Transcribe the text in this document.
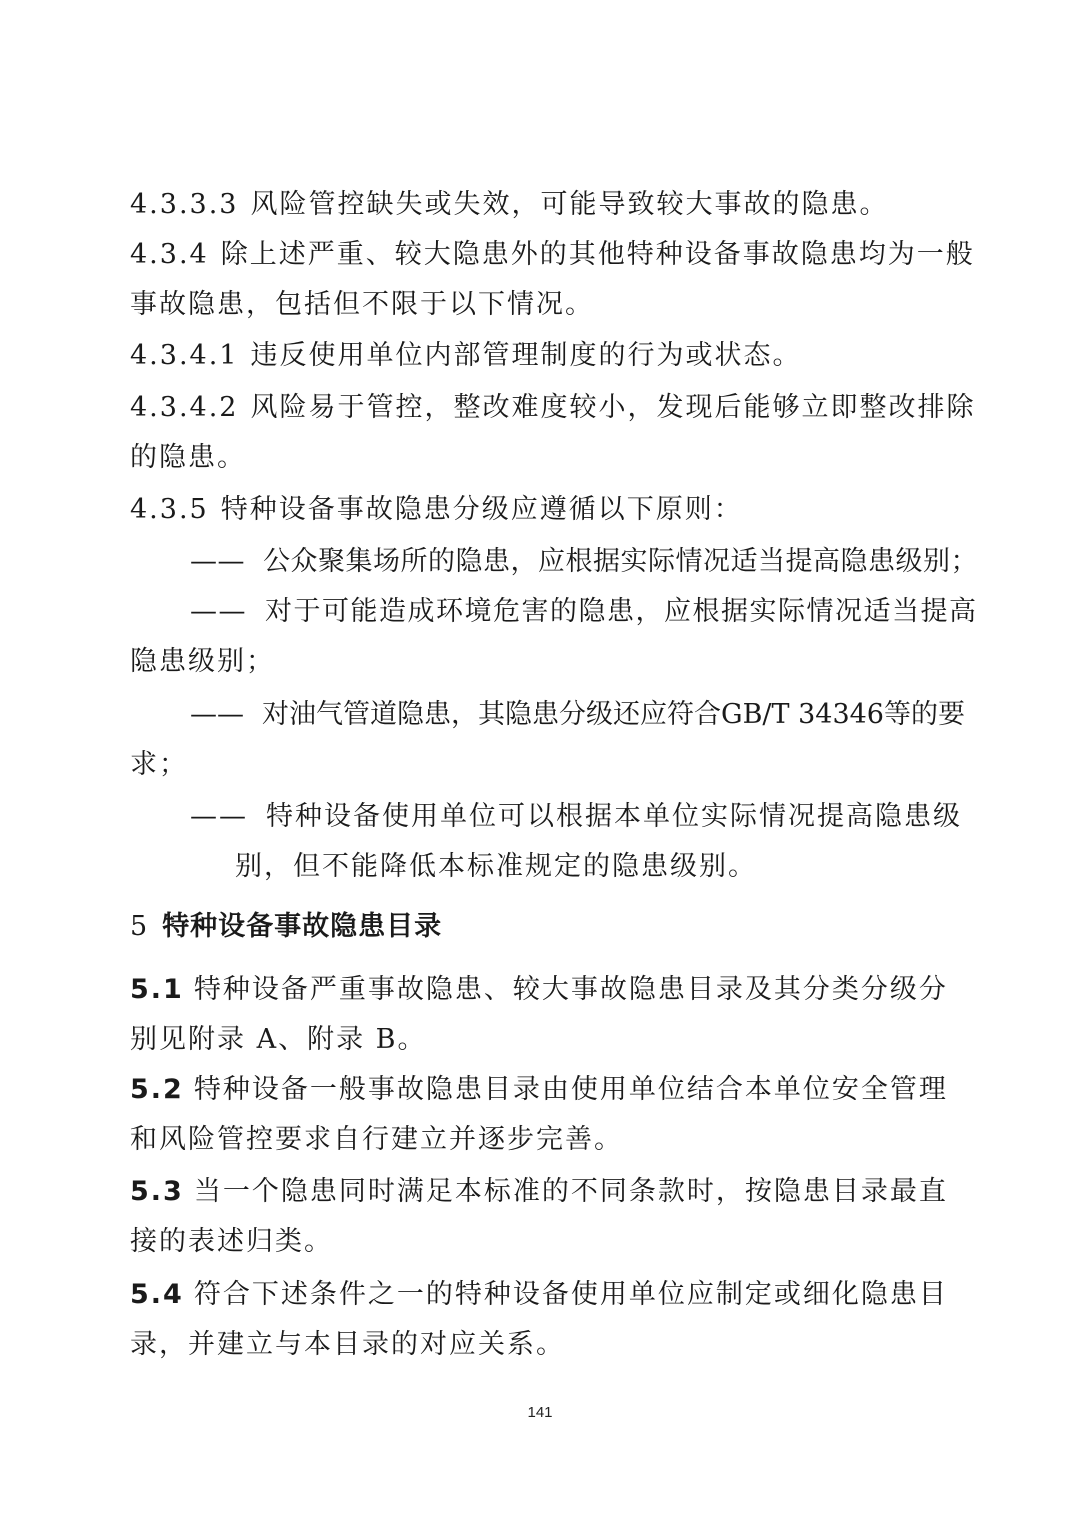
4.3.3.3 风险管控缺失或失效，可能导致较大事故的隐患。
4.3.4 除上述严重、较大隐患外的其他特种设备事故隐患均为一般
事故隐患，包括但不限于以下情况。
4.3.4.1 违反使用单位内部管理制度的行为或状态。
4.3.4.2 风险易于管控，整改难度较小，发现后能够立即整改排除
的隐患。
4.3.5 特种设备事故隐患分级应遵循以下原则：
—— 公众聚集场所的隐患，应根据实际情况适当提高隐患级别；
—— 对于可能造成环境危害的隐患，应根据实际情况适当提高
隐患级别；
—— 对油气管道隐患，其隐患分级还应符合GB/T 34346等的要
求；
—— 特种设备使用单位可以根据本单位实际情况提高隐患级
别，但不能降低本标准规定的隐患级别。
5 特种设备事故隐患目录
5.1 特种设备严重事故隐患、较大事故隐患目录及其分类分级分
别见附录 A、附录 B。
5.2 特种设备一般事故隐患目录由使用单位结合本单位安全管理
和风险管控要求自行建立并逐步完善。
5.3 当一个隐患同时满足本标准的不同条款时，按隐患目录最直
接的表述归类。
5.4 符合下述条件之一的特种设备使用单位应制定或细化隐患目
录，并建立与本目录的对应关系。
141
